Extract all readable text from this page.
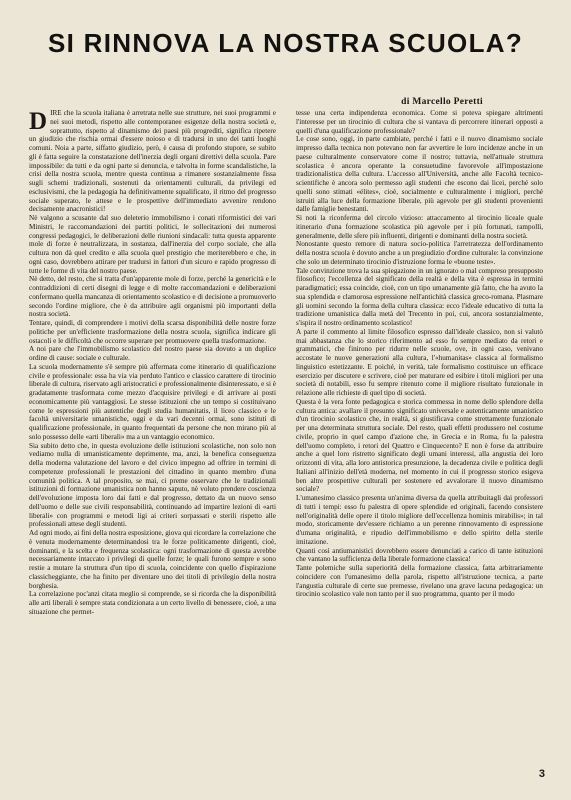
SI RINNOVA LA NOSTRA SCUOLA?

di Marcello Peretti

DIRE che la scuola italiana è arretrata nelle sue strutture, nei suoi programmi e nei suoi metodi, rispetto alle contemporanee esigenze della nostra società e, soprattutto, rispetto al dinamismo dei paesi più progrediti, significa ripetere un giudizio che rischia ormai d'essere noioso e di tradursi in uno dei tanti luoghi comuni. Noia a parte, siffatto giudizio, però, è causa di profondo stupore, se subito gli è fatta seguire la constatazione dell'inerzia degli organi direttivi della scuola. Pare impossibile: da tutti e da ogni parte si denuncia, e talvolta in forme scandalistiche, la crisi della nostra scuola, mentre questa continua a rimanere sostanzialmente fissa sugli schemi tradizionali, sostenuti da orientamenti culturali, da privilegi ed esclusivismi, che la pedagogia ha definitivamente squalificato, il ritmo del progresso sociale superato, le attese e le prospettive dell'immediato avvenire rendono decisamente anacronistici!

Nè valgono a scusante dal suo deleterio immobilismo i conati riformistici dei vari Ministri, le raccomandazioni dei partiti politici, le sollecitazioni dei numerosi congressi pedagogici, le deliberazioni delle riunioni sindacali: tutta questa apparente mole di forze è neutralizzata, in sostanza, dall'inerzia del corpo sociale, che alla cultura non dà quel credito e alla scuola quel prestigio che meriterebbero e che, in ogni caso, dovrebbero attirare per tradursi in fattori d'un sicuro e rapido progresso di tutte le forme di vita del nostro paese.

Nè detto, del resto, che si tratta d'un'apparente mole di forze, perché la genericità e le contraddizioni di certi disegni di legge e di molte raccomandazioni e deliberazioni confermano quella mancanza di orientamento scolastico e di decisione a promuoverlo secondo l'ordine migliore, che è da attribuire agli organismi più importanti della nostra società.

Tentare, quindi, di comprendere i motivi della scarsa disponibilità delle nostre forze politiche per un'efficiente trasformazione della nostra scuola, significa indicare gli ostacoli e le difficoltà che occorre superare per promuovere quella trasformazione.

A noi pare che l'immobilismo scolastico del nostro paese sia dovuto a un duplice ordine di cause: sociale e culturale.

La scuola modernamente s'è sempre più affermata come itinerario di qualificazione civile e professionale: essa ha via via perduto l'antico e classico carattere di tirocinio liberale di cultura, riservato agli aristocratici e professionalmente disinteressato, e si è gradatamente trasformata come mezzo d'acquisire privilegi e di arrivare ai posti economicamente più vantaggiosi. Le stesse istituzioni che un tempo si costituivano come le espressioni più autentiche degli studia humanitatis, il liceo classico e le facoltà universitarie umanistiche, oggi e da vari decenni ormai, sono istituti di qualificazione professionale, in quanto frequentati da persone che non mirano più al solo possesso delle «arti liberali» ma a un vantaggio economico.

Sia subito detto che, in questa evoluzione delle istituzioni scolastiche, non solo non vediamo nulla di umanisticamente deprimente, ma, anzi, la benefica conseguenza della moderna valutazione del lavoro e del civico impegno ad offrire in termini di competenze professionali le prestazioni del cittadino in quanto membro d'una comunità politica. A tal proposito, se mai, ci preme osservare che le tradizionali istituzioni di formazione umanistica non hanno saputo, nè voluto prendere coscienza dell'evoluzione imposta loro dai fatti e dal progresso, dettato da un nuovo senso dell'uomo e delle sue civili responsabilità, continuando ad impartire lezioni di «arti liberali» con programmi e metodi ligi ai criteri sorpassati e sterili rispetto alle professionali attese degli studenti.

Ad ogni modo, ai fini della nostra esposizione, giova qui ricordare la correlazione che è venuta modernamente determinandosi tra le forze politicamente dirigenti, cioè, dominanti, e la scelta e frequenza scolastica: ogni trasformazione di questa avrebbe necessariamente intaccato i privilegi di quelle forze; le quali furono sempre e sono restie a mutare la struttura d'un tipo di scuola, coincidente con quello d'ispirazione classicheggiante, che ha finito per diventare uno dei titoli di privilegio della nostra borghesia.

La correlazione poc'anzi citata meglio si comprende, se si ricorda che la disponibilità alle arti liberali è sempre stata condizionata a un certo livello di benessere, cioè, a una situazione che permet-

tesse una certa indipendenza economica. Come si poteva spiegare altrimenti l'interesse per un tirocinio di cultura che si vantava di percorrere itinerari opposti a quelli d'una qualificazione professionale?

Le cose sono, oggi, in parte cambiate, perché i fatti e il nuovo dinamismo sociale impresso dalla tecnica non potevano non far avvertire le loro incidenze anche in un paese culturalmente conservatore come il nostro; tuttavia, nell'attuale struttura scolastica è ancora operante la consuetudine favorevole all'impostazione tradizionalistica della cultura. L'accesso all'Università, anche alle Facoltà tecnico-scientifiche è ancora solo permesso agli studenti che escono dai licei, perché solo quelli sono stimati «élites», cioè, socialmente e culturalmente i migliori, perché istruiti alla luce della formazione liberale, più agevole per gli studenti provenienti dalle famiglie benestanti.

Si noti la riconferma del circolo vizioso: attaccamento al tirocinio liceale quale itinerario d'una formazione scolastica più agevole per i più fortunati, rampolli, generalmente, delle sfere più influenti, dirigenti e dominanti della nostra società.

Nonostante questo remore di natura socio-politica l'arretratezza dell'ordinamento della nostra scuola è dovuto anche a un pregiudizio d'ordine culturale: la convinzione che solo un determinato tirocinio d'istruzione forma le «buone teste».

Tale convinzione trova la sua spiegazione in un ignorato o mal compreso presupposto filosofico; l'eccellenza del significato della realtà e della vita è espressa in termini paradigmatici; essa coincide, cioè, con un tipo umanamente già fatto, che ha avuto la sua splendida e clamorosa espressione nell'antichità classica greco-romana. Plasmare gli uomini secondo la forma della cultura classica: ecco l'ideale educativo di tutta la tradizione umanistica dalla metà del Trecento in poi, cui, ancora sostanzialmente, s'ispira il nostro ordinamento scolastico!

A parte il commento al limite filosofico espresso dall'ideale classico, non si valutò mai abbastanza che lo storico riferimento ad esso fu sempre mediato da retori e grammatici, che finirono per ridurre nelle scuole, ove, in ogni caso, venivano accostate le nuove generazioni alla cultura, l'«humanitas» classica al formalismo linguistico estetizzante. E poiché, in verità, tale formalismo costituisce un efficace esercizio per discutere e scrivere, cioè per maturare ed esibire i titoli migliori per una società di notabili, esso fu sempre ritenuto come il migliore risultato funzionale in relazione alle richieste di quel tipo di società.

Questa è la vera fonte pedagogica e storica commessa in nome dello splendore della cultura antica: avallare il presunto significato universale e autenticamente umanistico d'un tirocinio scolastico che, in realtà, si giustificava come strettamente funzionale per una determinata struttura sociale. Del resto, quali effetti produssero nel costume civile, proprio in quel campo d'azione che, in Grecia e in Roma, fu la palestra dell'uomo completo, i retori del Quattro e Cinquecento? E non è forse da attribuire anche a quel loro ristretto significato degli umani interessi, alla angustia dei loro orizzonti di vita, alla loro antistorica presunzione, la decadenza civile e politica degli Italiani all'inizio dell'età moderna, nel momento in cui il progresso storico esigeva ben altre prospettive culturali per sostenere ed avvalorare il nuovo dinamismo sociale?

L'umanesimo classico presenta un'anima diversa da quella attribuitagli dai professori di tutti i tempi: esso fu palestra di opere splendide ed originali, facendo consistere nell'originalità delle opere il titolo migliore dell'eccellenza hominis mirabilis»; in tal modo, storicamente dev'essere richiamo a un perenne rinnovamento di espressione d'umana originalità, e ripudio dell'immobilismo e dello spirito della sterile imitazione.

Quanti così antiumanistici dovrebbero essere denunciati a carico di tante istituzioni che vantano la sufficienza della liberale formazione classica!

Tante polemiche sulla superiorità della formazione classica, fatta arbitrariamente coincidere con l'umanesimo della parola, rispetto all'istruzione tecnica, a parte l'angustia culturale di certe sue premesse, rivelano una grave lacuna pedagogica: un tirocinio scolastico vale non tanto per il suo programma, quanto per il modo

3
